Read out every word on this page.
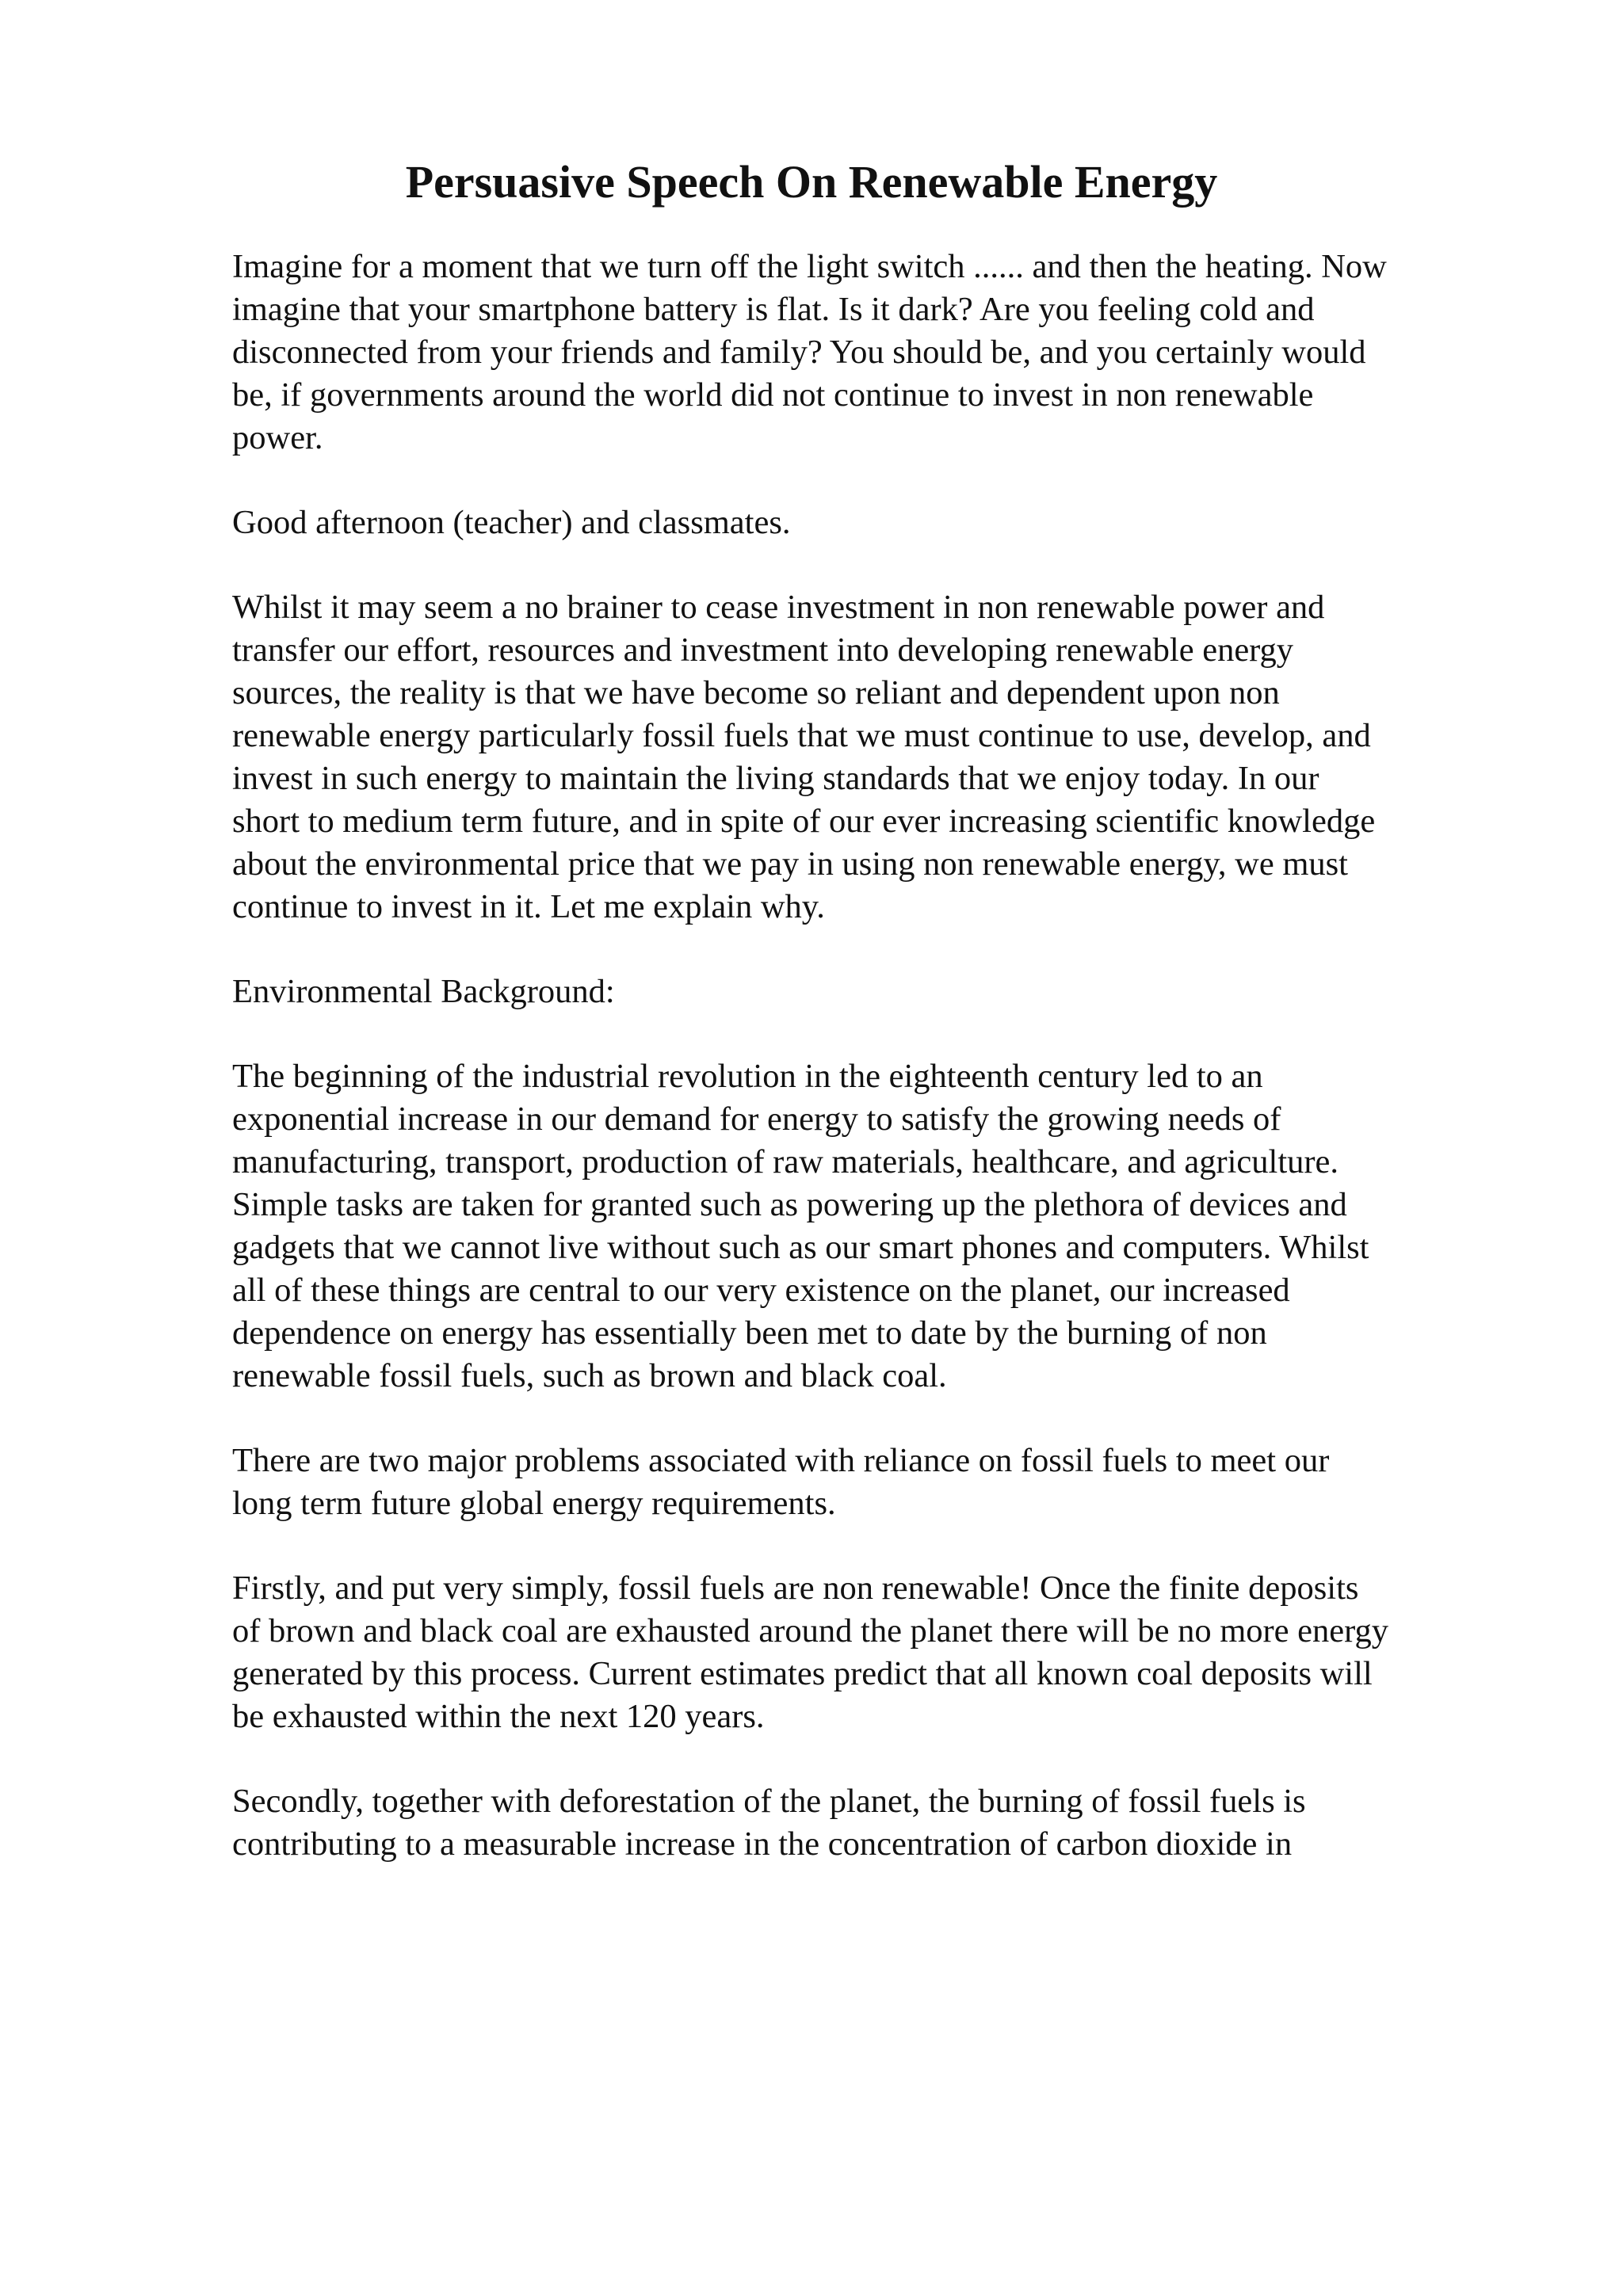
Persuasive Speech On Renewable Energy

Imagine for a moment that we turn off the light switch ...... and then the heating. Now
imagine that your smartphone battery is flat. Is it dark? Are you feeling cold and
disconnected from your friends and family? You should be, and you certainly would
be, if governments around the world did not continue to invest in non renewable
power.

Good afternoon (teacher) and classmates.

Whilst it may seem a no brainer to cease investment in non renewable power and
transfer our effort, resources and investment into developing renewable energy
sources, the reality is that we have become so reliant and dependent upon non
renewable energy particularly fossil fuels that we must continue to use, develop, and
invest in such energy to maintain the living standards that we enjoy today. In our
short to medium term future, and in spite of our ever increasing scientific knowledge
about the environmental price that we pay in using non renewable energy, we must
continue to invest in it. Let me explain why.

Environmental Background:

The beginning of the industrial revolution in the eighteenth century led to an
exponential increase in our demand for energy to satisfy the growing needs of
manufacturing, transport, production of raw materials, healthcare, and agriculture.
Simple tasks are taken for granted such as powering up the plethora of devices and
gadgets that we cannot live without such as our smart phones and computers. Whilst
all of these things are central to our very existence on the planet, our increased
dependence on energy has essentially been met to date by the burning of non
renewable fossil fuels, such as brown and black coal.

There are two major problems associated with reliance on fossil fuels to meet our
long term future global energy requirements.

Firstly, and put very simply, fossil fuels are non renewable! Once the finite deposits
of brown and black coal are exhausted around the planet there will be no more energy
generated by this process. Current estimates predict that all known coal deposits will
be exhausted within the next 120 years.

Secondly, together with deforestation of the planet, the burning of fossil fuels is
contributing to a measurable increase in the concentration of carbon dioxide in
